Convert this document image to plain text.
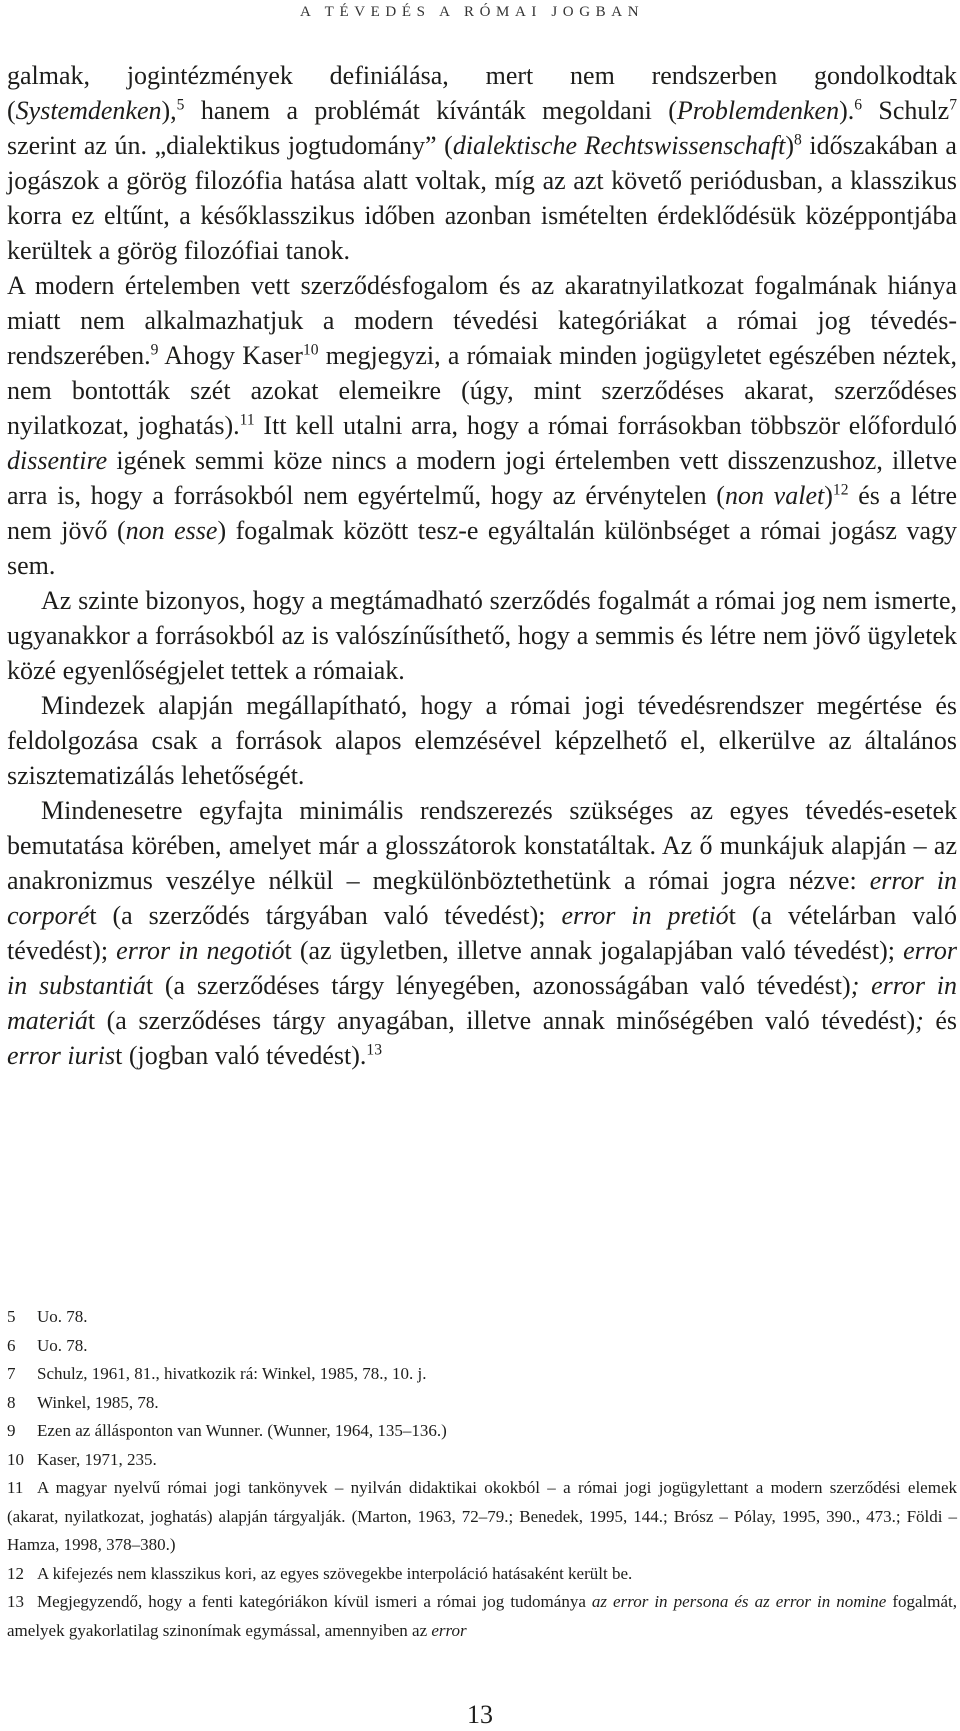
A TÉVEDÉS A RÓMAI JOGBAN

galmak, jogintézmények definiálása, mert nem rendszerben gondolkodtak (Systemdenken),$^5$ hanem a problémát kívánták megoldani (Problemdenken).$^6$ Schulz$^7$ szerint az ún. „dialektikus jogtudomány” (dialektische Rechtswissenschaft)$^8$ időszakában a jogászok a görög filozófia hatása alatt voltak, míg az azt követő periódusban, a klasszikus korra ez eltűnt, a későklasszikus időben azonban ismételten érdeklődésük középpontjába kerültek a görög filozófiai tanok.

A modern értelemben vett szerződésfogalom és az akaratnyilatkozat fogalmának hiánya miatt nem alkalmazhatjuk a modern tévedési kategóriákat a római jog tévedés-rendszerében.$^9$ Ahogy Kaser$^{10}$ megjegyzi, a rómaiak minden jogügyletet egészében néztek, nem bontották szét azokat elemeikre (úgy, mint szerződéses akarat, szerződéses nyilatkozat, joghatás).$^{11}$ Itt kell utalni arra, hogy a római forrásokban többször előforduló dissentire igének semmi köze nincs a modern jogi értelemben vett disszenzushoz, illetve arra is, hogy a forrásokból nem egyértelmű, hogy az érvénytelen (non valet)$^{12}$ és a létre nem jövő (non esse) fogalmak között tesz-e egyáltalán különbséget a római jogász vagy sem.

Az szinte bizonyos, hogy a megtámadható szerződés fogalmát a római jog nem ismerte, ugyanakkor a forrásokból az is valószínűsíthető, hogy a semmis és létre nem jövő ügyletek közé egyenlőségjelet tettek a rómaiak.

Mindezek alapján megállapítható, hogy a római jogi tévedésrendszer megértése és feldolgozása csak a források alapos elemzésével képzelhető el, elkerülve az általános szisztematizálás lehetőségét.

Mindenesetre egyfajta minimális rendszerezés szükséges az egyes tévedés-esetek bemutatása körében, amelyet már a glosszátorok konstatáltak. Az ő munkájuk alapján – az anakronizmus veszélye nélkül – megkülönböztethetünk a római jogra nézve: error in corporét (a szerződés tárgyában való tévedést); error in pretiót (a vételárban való tévedést); error in negotiót (az ügyletben, illetve annak jogalapjában való tévedést); error in substantiát (a szerződéses tárgy lényegében, azonosságában való tévedést); error in materiát (a szerződéses tárgy anyagában, illetve annak minőségében való tévedést); és error iurist (jogban való tévedést).$^{13}$

5 Uo. 78.

6 Uo. 78.

7 Schulz, 1961, 81., hivatkozik rá: Winkel, 1985, 78., 10. j.

8 Winkel, 1985, 78.

9 Ezen az állásponton van Wunner. (Wunner, 1964, 135–136.)

10 Kaser, 1971, 235.

11 A magyar nyelvű római jogi tankönyvek – nyilván didaktikai okokból – a római jogi jogügylettant a modern szerződési elemek (akarat, nyilatkozat, joghatás) alapján tárgyalják. (Marton, 1963, 72–79.; Benedek, 1995, 144.; Brósz – Pólay, 1995, 390., 473.; Földi – Hamza, 1998, 378–380.)

12 A kifejezés nem klasszikus kori, az egyes szövegekbe interpoláció hatásaként került be.

13 Megjegyzendő, hogy a fenti kategóriákon kívül ismeri a római jog tudománya az error in persona és az error in nomine fogalmát, amelyek gyakorlatilag szinonímak egymással, amennyiben az error

13
